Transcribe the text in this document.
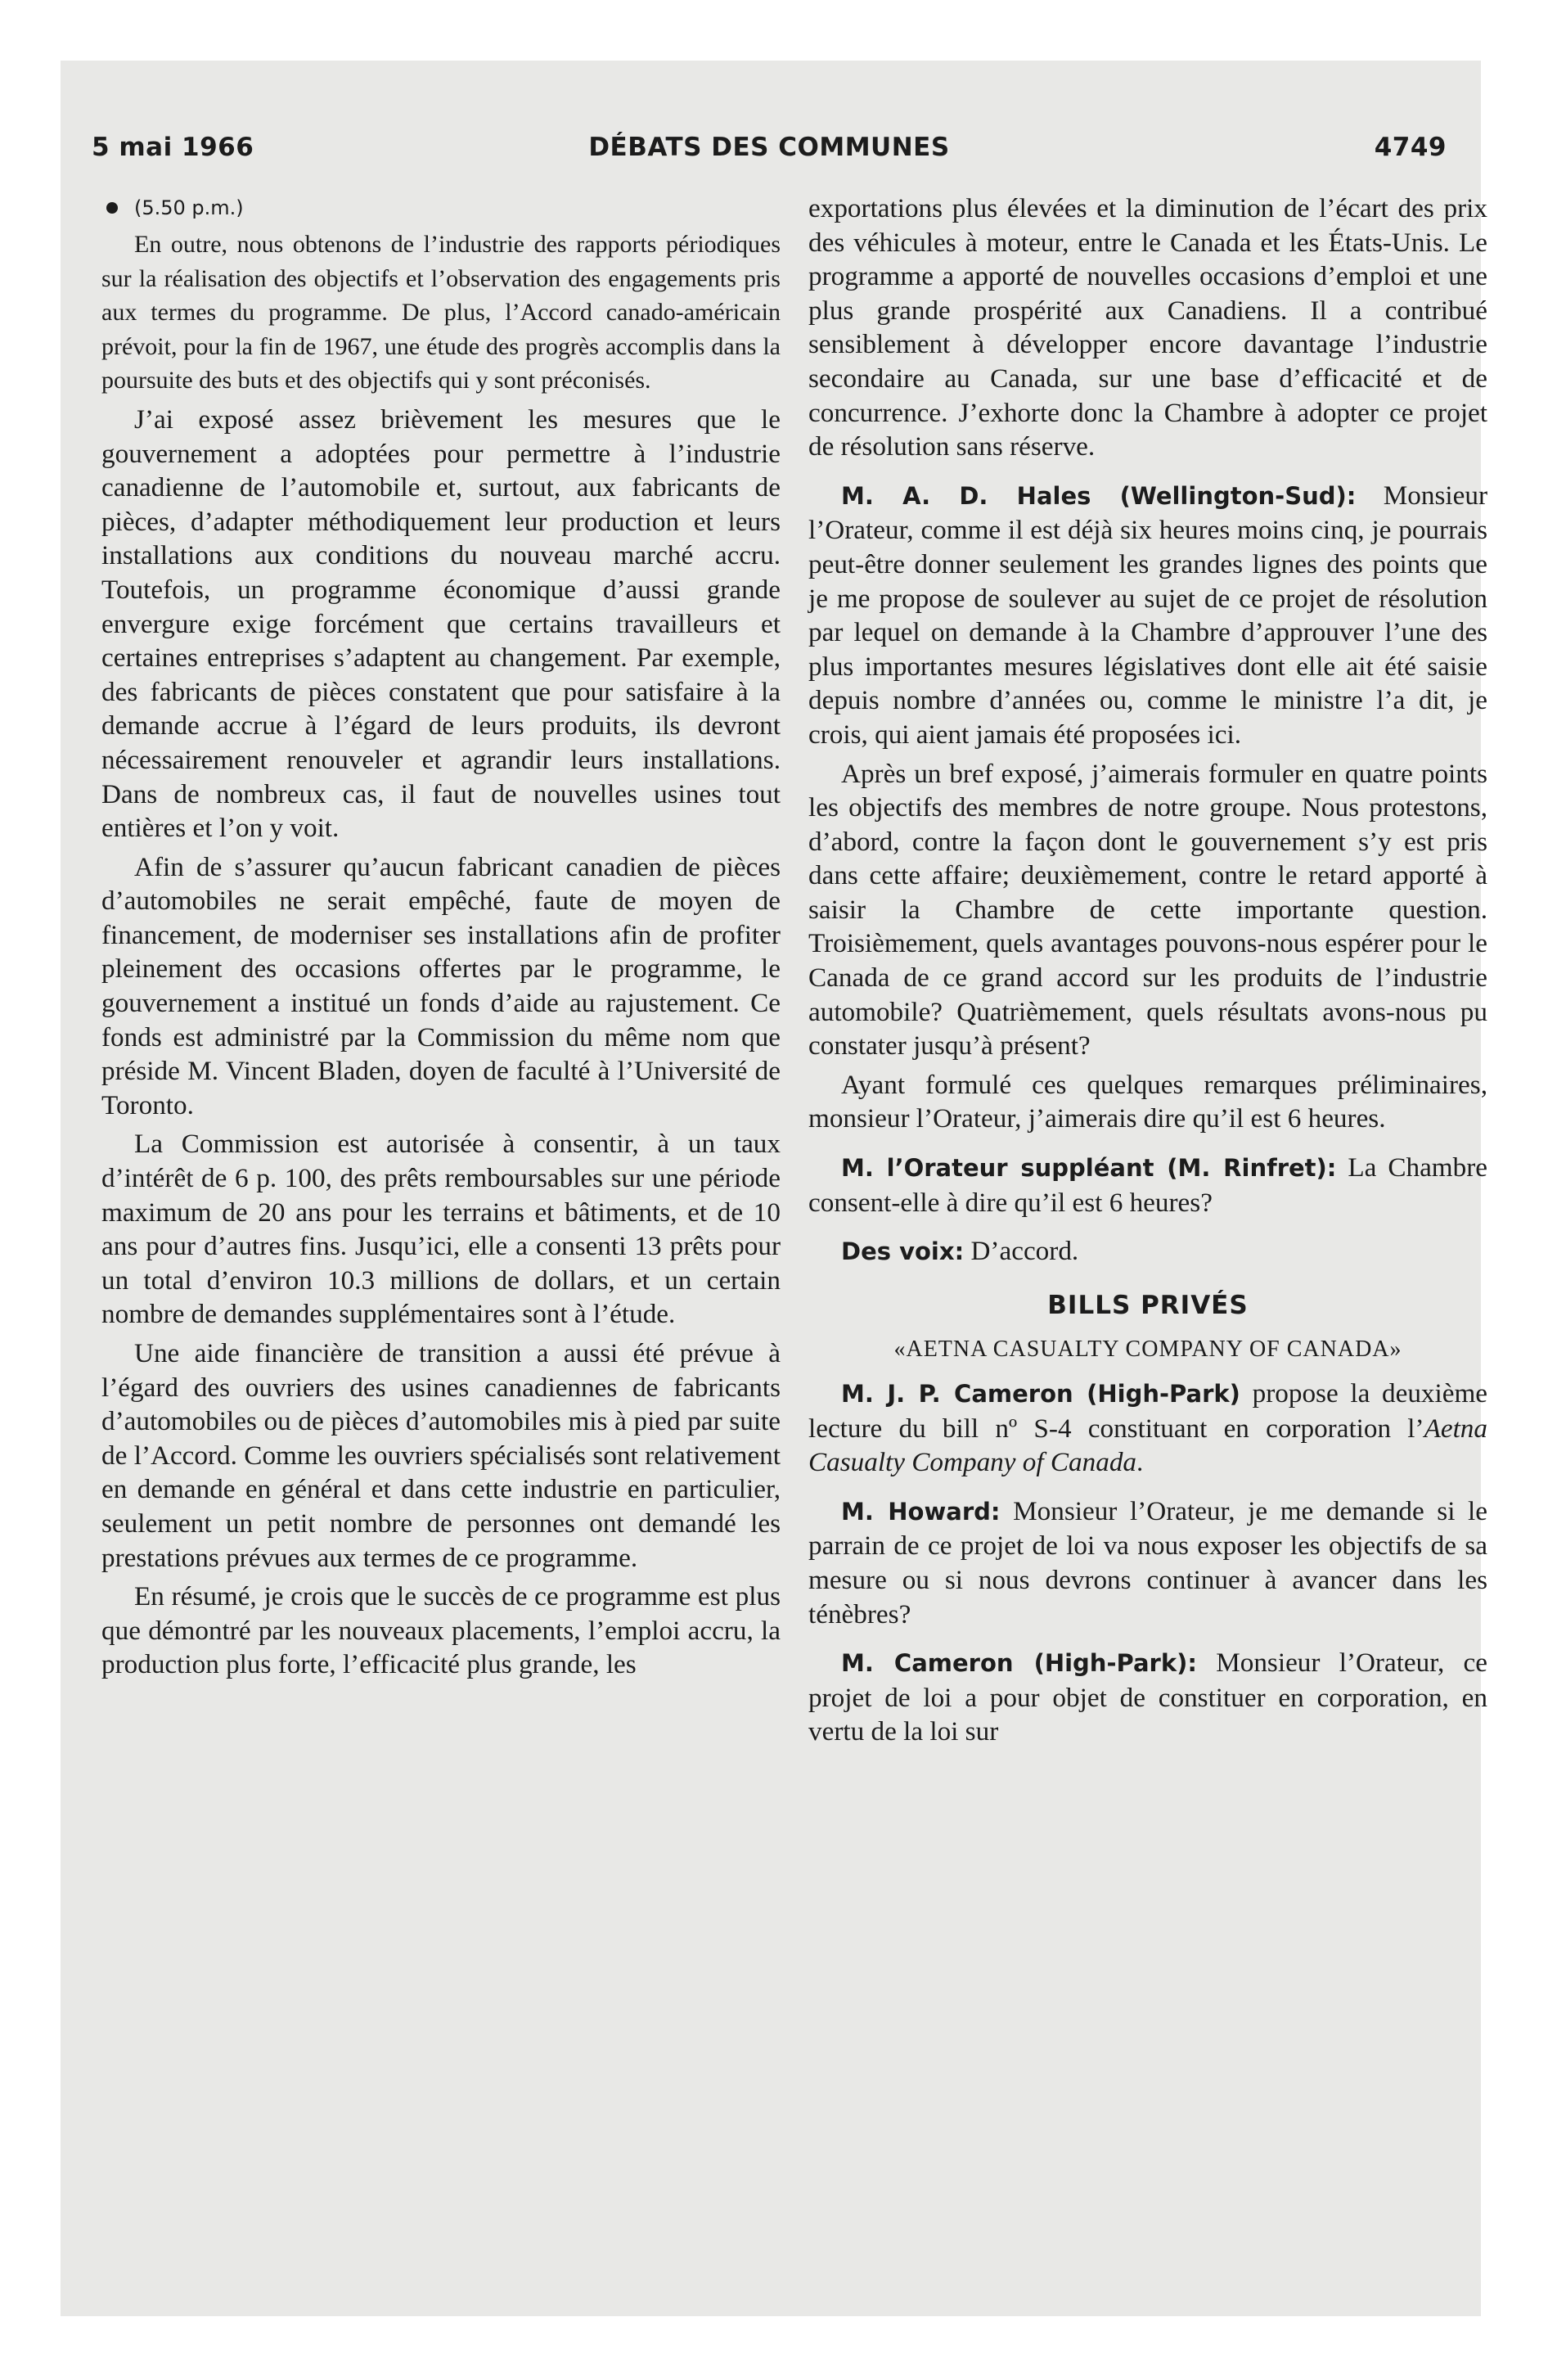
5 mai 1966	DÉBATS DES COMMUNES	4749
(5.50 p.m.)

En outre, nous obtenons de l’industrie des rapports périodiques sur la réalisation des objectifs et l’observation des engagements pris aux termes du programme. De plus, l’Accord canado-américain prévoit, pour la fin de 1967, une étude des progrès accomplis dans la poursuite des buts et des objectifs qui y sont préconisés.

J’ai exposé assez brièvement les mesures que le gouvernement a adoptées pour permettre à l’industrie canadienne de l’automobile et, surtout, aux fabricants de pièces, d’adapter méthodiquement leur production et leurs installations aux conditions du nouveau marché accru. Toutefois, un programme économique d’aussi grande envergure exige forcément que certains travailleurs et certaines entreprises s’adaptent au changement. Par exemple, des fabricants de pièces constatent que pour satisfaire à la demande accrue à l’égard de leurs produits, ils devront nécessairement renouveler et agrandir leurs installations. Dans de nombreux cas, il faut de nouvelles usines tout entières et l’on y voit.

Afin de s’assurer qu’aucun fabricant canadien de pièces d’automobiles ne serait empêché, faute de moyen de financement, de moderniser ses installations afin de profiter pleinement des occasions offertes par le programme, le gouvernement a institué un fonds d’aide au rajustement. Ce fonds est administré par la Commission du même nom que préside M. Vincent Bladen, doyen de faculté à l’Université de Toronto.

La Commission est autorisée à consentir, à un taux d’intérêt de 6 p. 100, des prêts remboursables sur une période maximum de 20 ans pour les terrains et bâtiments, et de 10 ans pour d’autres fins. Jusqu’ici, elle a consenti 13 prêts pour un total d’environ 10.3 millions de dollars, et un certain nombre de demandes supplémentaires sont à l’étude.

Une aide financière de transition a aussi été prévue à l’égard des ouvriers des usines canadiennes de fabricants d’automobiles ou de pièces d’automobiles mis à pied par suite de l’Accord. Comme les ouvriers spécialisés sont relativement en demande en général et dans cette industrie en particulier, seulement un petit nombre de personnes ont demandé les prestations prévues aux termes de ce programme.

En résumé, je crois que le succès de ce programme est plus que démontré par les nouveaux placements, l’emploi accru, la production plus forte, l’efficacité plus grande, les

exportations plus élevées et la diminution de l’écart des prix des véhicules à moteur, entre le Canada et les États-Unis. Le programme a apporté de nouvelles occasions d’emploi et une plus grande prospérité aux Canadiens. Il a contribué sensiblement à développer encore davantage l’industrie secondaire au Canada, sur une base d’efficacité et de concurrence. J’exhorte donc la Chambre à adopter ce projet de résolution sans réserve.

M. A. D. Hales (Wellington-Sud): Monsieur l’Orateur, comme il est déjà six heures moins cinq, je pourrais peut-être donner seulement les grandes lignes des points que je me propose de soulever au sujet de ce projet de résolution par lequel on demande à la Chambre d’approuver l’une des plus importantes mesures législatives dont elle ait été saisie depuis nombre d’années ou, comme le ministre l’a dit, je crois, qui aient jamais été proposées ici.

Après un bref exposé, j’aimerais formuler en quatre points les objectifs des membres de notre groupe. Nous protestons, d’abord, contre la façon dont le gouvernement s’y est pris dans cette affaire; deuxièmement, contre le retard apporté à saisir la Chambre de cette importante question. Troisièmement, quels avantages pouvons-nous espérer pour le Canada de ce grand accord sur les produits de l’industrie automobile? Quatrièmement, quels résultats avons-nous pu constater jusqu’à présent?

Ayant formulé ces quelques remarques préliminaires, monsieur l’Orateur, j’aimerais dire qu’il est 6 heures.

M. l’Orateur suppléant (M. Rinfret): La Chambre consent-elle à dire qu’il est 6 heures?

Des voix: D’accord.

BILLS PRIVÉS
«AETNA CASUALTY COMPANY OF CANADA»

M. J. P. Cameron (High-Park) propose la deuxième lecture du bill nº S-4 constituant en corporation l’Aetna Casualty Company of Canada.

M. Howard: Monsieur l’Orateur, je me demande si le parrain de ce projet de loi va nous exposer les objectifs de sa mesure ou si nous devrons continuer à avancer dans les ténèbres?

M. Cameron (High-Park): Monsieur l’Orateur, ce projet de loi a pour objet de constituer en corporation, en vertu de la loi sur
